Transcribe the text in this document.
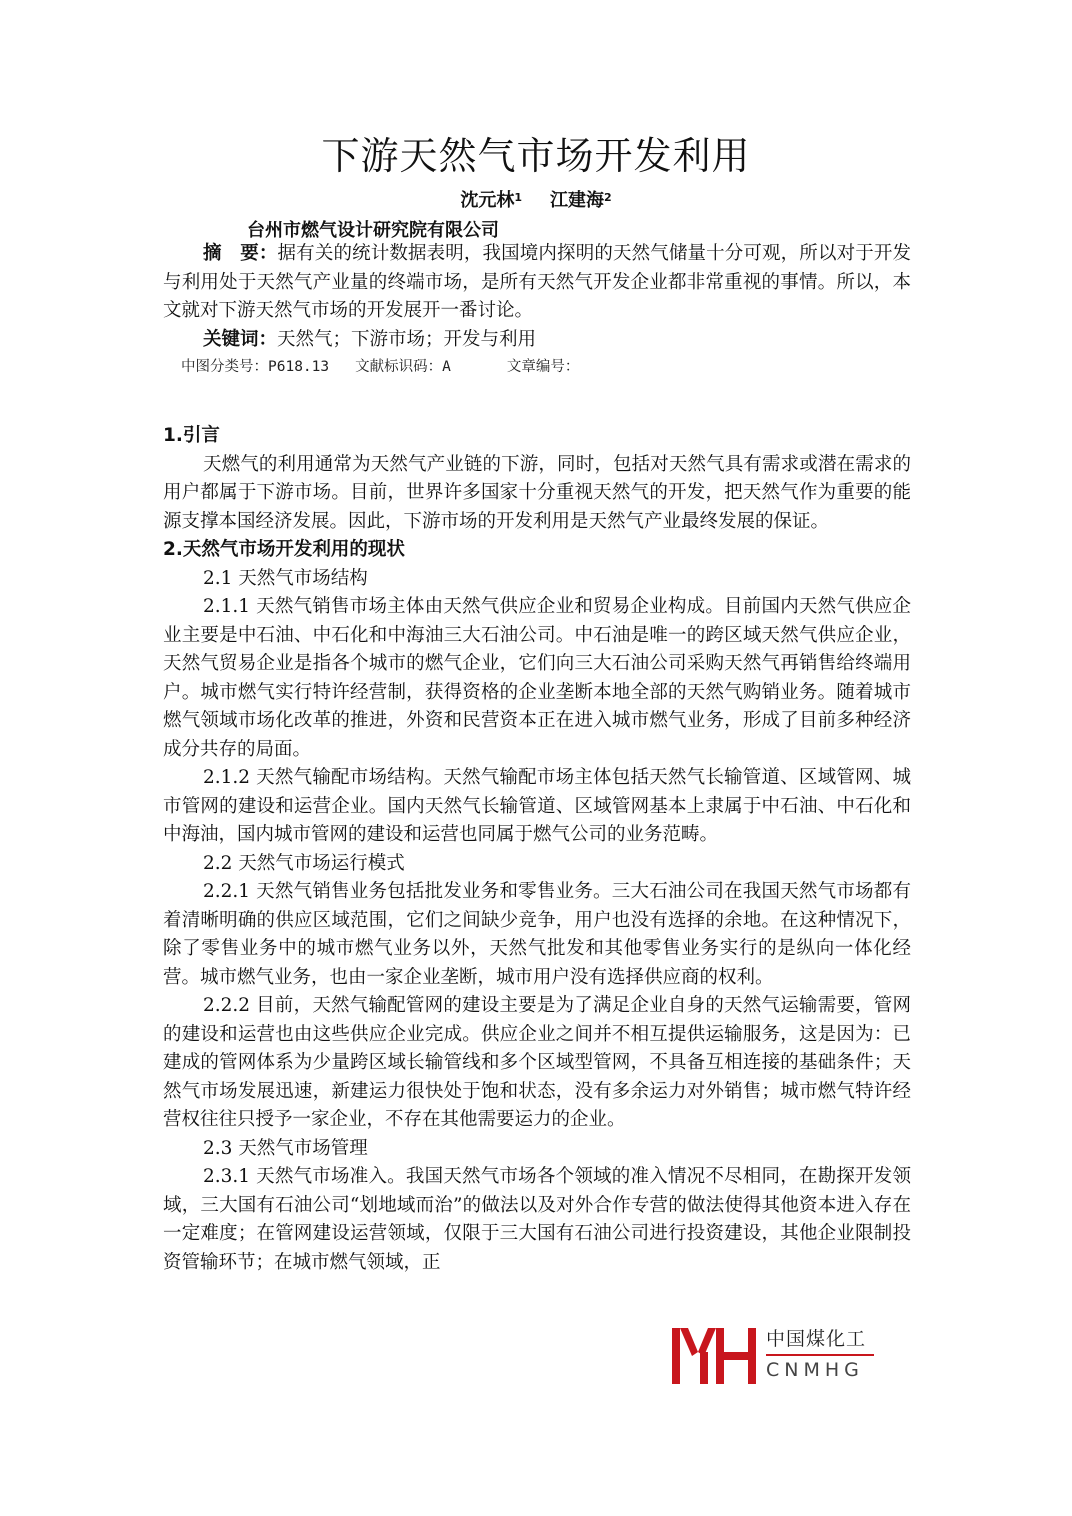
下游天然气市场开发利用
沈元林$^1$ 江建海$^2$
台州市燃气设计研究院有限公司

摘　要：据有关的统计数据表明，我国境内探明的天然气储量十分可观，所以对于开发与利用处于天然气产业量的终端市场，是所有天然气开发企业都非常重视的事情。所以，本文就对下游天然气市场的开发展开一番讨论。

关键词：天然气；下游市场；开发与利用

中图分类号：P618.13 文献标识码：A	文章编号：

1.引言

天燃气的利用通常为天然气产业链的下游，同时，包括对天然气具有需求或潜在需求的用户都属于下游市场。目前，世界许多国家十分重视天然气的开发，把天然气作为重要的能源支撑本国经济发展。因此，下游市场的开发利用是天然气产业最终发展的保证。

2.天然气市场开发利用的现状

2.1 天然气市场结构

2.1.1 天然气销售市场主体由天然气供应企业和贸易企业构成。目前国内天然气供应企业主要是中石油、中石化和中海油三大石油公司。中石油是唯一的跨区域天然气供应企业，天然气贸易企业是指各个城市的燃气企业，它们向三大石油公司采购天然气再销售给终端用户。城市燃气实行特许经营制，获得资格的企业垄断本地全部的天然气购销业务。随着城市燃气领域市场化改革的推进，外资和民营资本正在进入城市燃气业务，形成了目前多种经济成分共存的局面。

2.1.2 天然气输配市场结构。天然气输配市场主体包括天然气长输管道、区域管网、城市管网的建设和运营企业。国内天然气长输管道、区域管网基本上隶属于中石油、中石化和中海油，国内城市管网的建设和运营也同属于燃气公司的业务范畴。

2.2 天然气市场运行模式

2.2.1 天然气销售业务包括批发业务和零售业务。三大石油公司在我国天然气市场都有着清晰明确的供应区域范围，它们之间缺少竞争，用户也没有选择的余地。在这种情况下，除了零售业务中的城市燃气业务以外，天然气批发和其他零售业务实行的是纵向一体化经营。城市燃气业务，也由一家企业垄断，城市用户没有选择供应商的权利。

2.2.2 目前，天然气输配管网的建设主要是为了满足企业自身的天然气运输需要，管网的建设和运营也由这些供应企业完成。供应企业之间并不相互提供运输服务，这是因为：已建成的管网体系为少量跨区域长输管线和多个区域型管网，不具备互相连接的基础条件；天然气市场发展迅速，新建运力很快处于饱和状态，没有多余运力对外销售；城市燃气特许经营权往往只授予一家企业，不存在其他需要运力的企业。

2.3 天然气市场管理

2.3.1 天然气市场准入。我国天然气市场各个领域的准入情况不尽相同，在勘探开发领域，三大国有石油公司“划地域而治”的做法以及对外合作专营的做法使得其他资本进入存在一定难度；在管网建设运营领域，仅限于三大国有石油公司进行投资建设，其他企业限制投资管输环节；在城市燃气领域，正

中国煤化工
CNMHG
